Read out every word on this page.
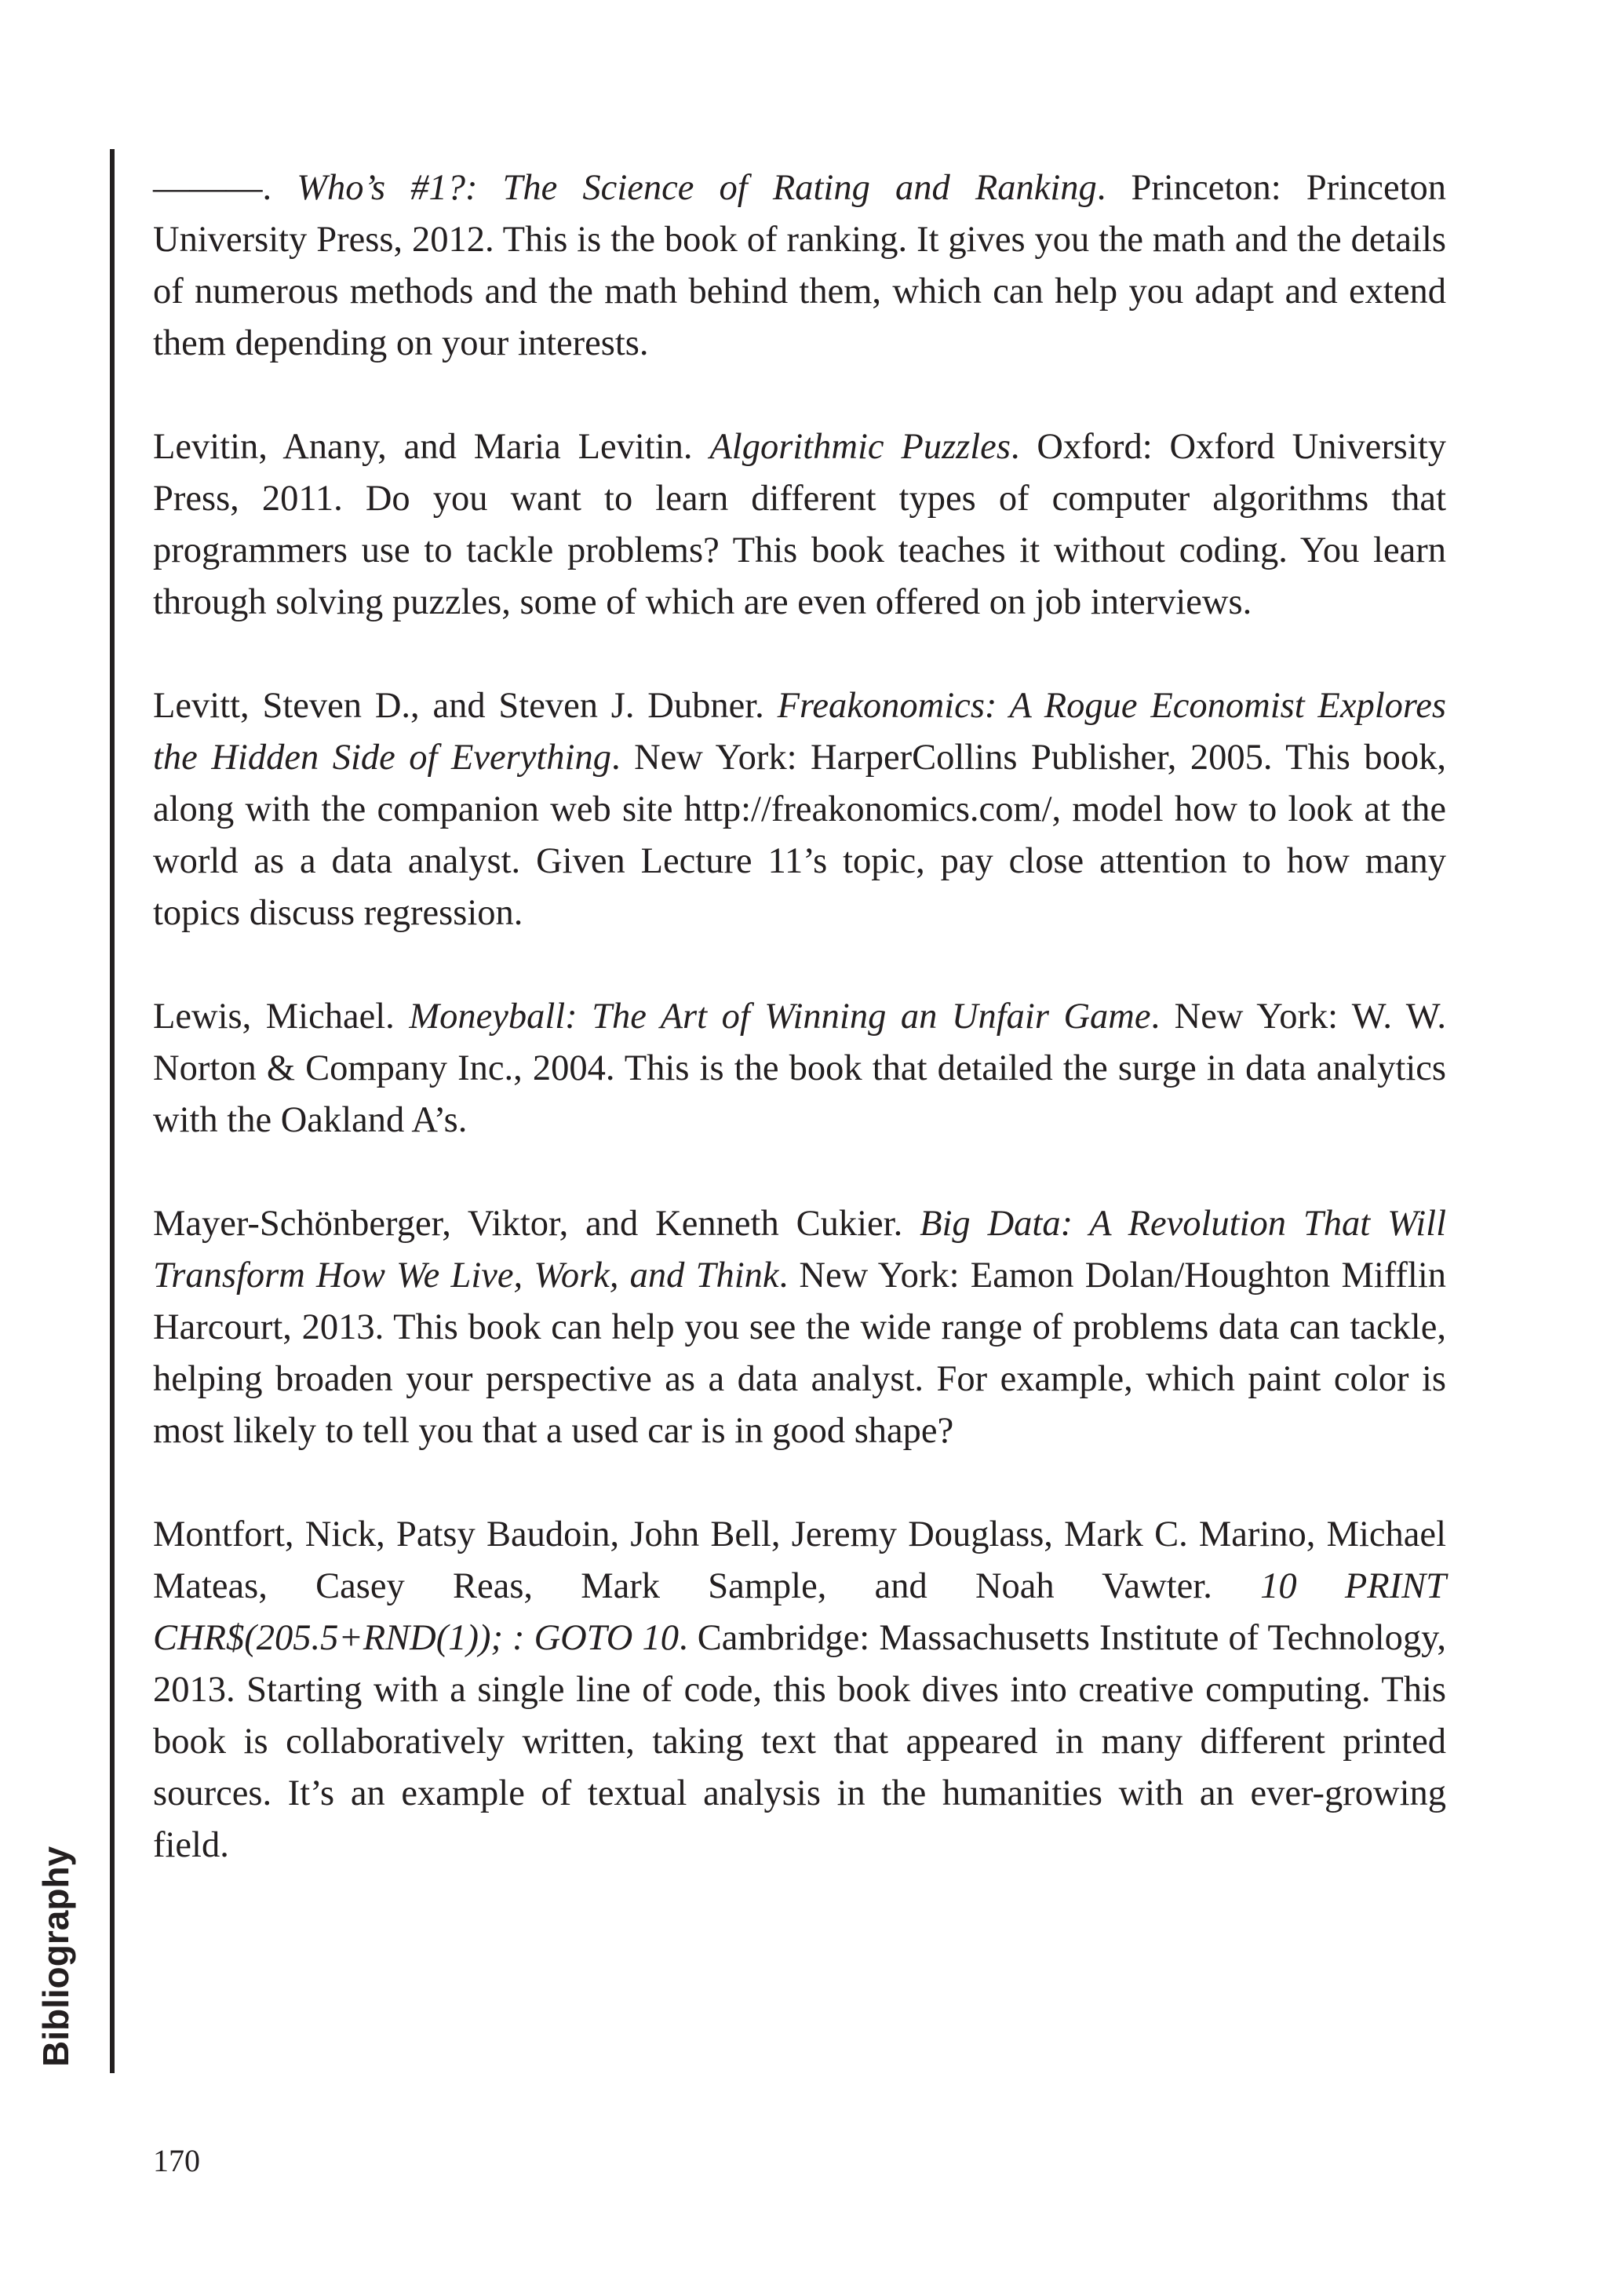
Bibliography

———. Who’s #1?: The Science of Rating and Ranking. Princeton: Princeton University Press, 2012. This is the book of ranking. It gives you the math and the details of numerous methods and the math behind them, which can help you adapt and extend them depending on your interests.

Levitin, Anany, and Maria Levitin. Algorithmic Puzzles. Oxford: Oxford University Press, 2011. Do you want to learn different types of computer algorithms that programmers use to tackle problems? This book teaches it without coding. You learn through solving puzzles, some of which are even offered on job interviews.

Levitt, Steven D., and Steven J. Dubner. Freakonomics: A Rogue Economist Explores the Hidden Side of Everything. New York: HarperCollins Publisher, 2005. This book, along with the companion web site http://freakonomics.com/, model how to look at the world as a data analyst. Given Lecture 11’s topic, pay close attention to how many topics discuss regression.

Lewis, Michael. Moneyball: The Art of Winning an Unfair Game. New York: W. W. Norton & Company Inc., 2004. This is the book that detailed the surge in data analytics with the Oakland A’s.

Mayer-Schönberger, Viktor, and Kenneth Cukier. Big Data: A Revolution That Will Transform How We Live, Work, and Think. New York: Eamon Dolan/Houghton Mifflin Harcourt, 2013. This book can help you see the wide range of problems data can tackle, helping broaden your perspective as a data analyst. For example, which paint color is most likely to tell you that a used car is in good shape?

Montfort, Nick, Patsy Baudoin, John Bell, Jeremy Douglass, Mark C. Marino, Michael Mateas, Casey Reas, Mark Sample, and Noah Vawter. 10 PRINT CHR$(205.5+RND(1)); : GOTO 10. Cambridge: Massachusetts Institute of Technology, 2013. Starting with a single line of code, this book dives into creative computing. This book is collaboratively written, taking text that appeared in many different printed sources. It’s an example of textual analysis in the humanities with an ever-growing field.

170
